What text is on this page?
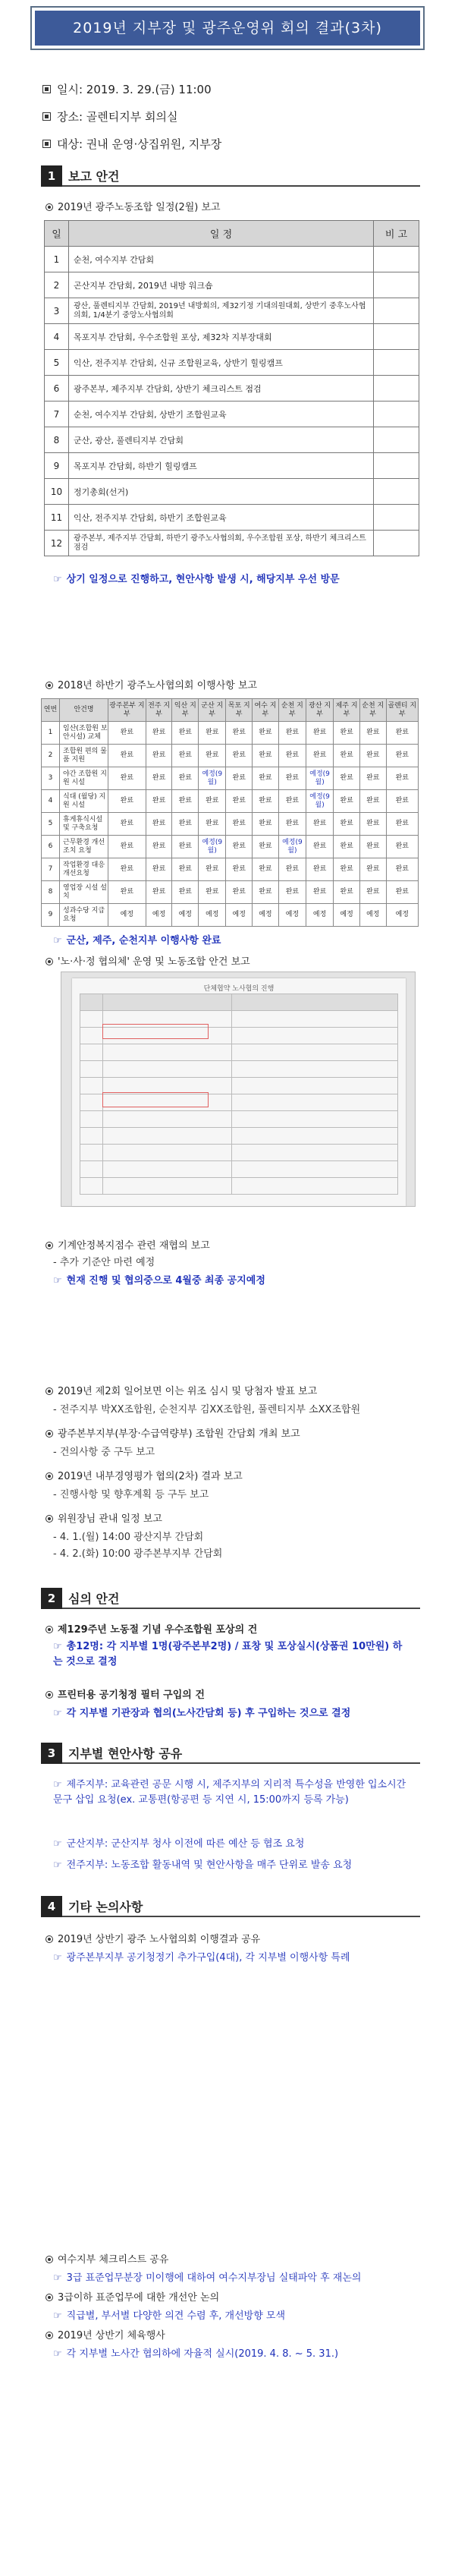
2019년 지부장 및 광주운영위 회의 결과(3차)
일시: 2019. 3. 29.(금) 11:00
장소: 골렌티지부 회의실
대상: 권내 운영·상집위원, 지부장
1	보고 안건
2019년 광주노동조합 일정(2월) 보고
일	일 정	비 고
1	순천, 여수지부 간담회	
2	곤산지부 간담회, 2019년 내방 워크숍	
3	광산, 풀렌티지부 간담회, 2019년 내방회의, 제32기정 기대의원대회, 상반기 중후노사협의회, 1/4분기 중앙노사협의회	
4	목포지부 간담회, 우수조합원 포상, 제32차 지부장대회	
5	익산, 전주지부 간담회, 신규 조합원교육, 상반기 힐링캠프	
6	광주본부, 제주지부 간담회, 상반기 체크리스트 점검	
7	순천, 여수지부 간담회, 상반기 조합원교육	
8	군산, 광산, 풀렌티지부 간담회	
9	목포지부 간담회, 하반기 힐링캠프	
10	정기총회(선거)	
11	익산, 전주지부 간담회, 하반기 조합원교육	
12	광주본부, 제주지부 간담회, 하반기 광주노사협의회, 우수조합원 포상, 하반기 체크리스트 점검	
☞ 상기 일정으로 진행하고, 현안사항 발생 시, 해당지부 우선 방문
2018년 하반기 광주노사협의회 이행사항 보고
연번	안건명	광주본부 지부	전주 지부	익산 지부	군산 지부	목포 지부	여수 지부	순천 지부	광산 지부	제주 지부	순천 지부	골렌티 지부
1	임산(조합원 보안시설) 교체	완료	완료	완료	완료	완료	완료	완료	완료	완료	완료	완료
2	조합원 편의 물품 지원	완료	완료	완료	완료	완료	완료	완료	완료	완료	완료	완료
3	야간 조합원 지원 시설	완료	완료	완료	예정(9월)	완료	완료	완료	예정(9월)	완료	완료	완료
4	식대 (월당) 지원 시설	완료	완료	완료	완료	완료	완료	완료	예정(9월)	완료	완료	완료
5	휴게휴식시설 및 구축요청	완료	완료	완료	완료	완료	완료	완료	완료	완료	완료	완료
6	근무환경 개선조치 요청	완료	완료	완료	예정(9월)	완료	완료	예정(9월)	완료	완료	완료	완료
7	작업환경 대응 개선요청	완료	완료	완료	완료	완료	완료	완료	완료	완료	완료	완료
8	영업장 시설 설치	완료	완료	완료	완료	완료	완료	완료	완료	완료	완료	완료
9	성과수당 지급 요청	예정	예정	예정	예정	예정	예정	예정	예정	예정	예정	예정
☞ 군산, 제주, 순천지부 이행사항 완료
'노·사·정 협의체' 운영 및 노동조합 안건 보고
단체협약 노사협의 진행

기계안정복지점수 관련 재협의 보고
- 추가 기준안 마련 예정
☞ 현재 진행 및 협의중으로 4월중 최종 공지예정
2019년 제2회 일어보면 이는 위조 심시 및 당첨자 발표 보고
- 전주지부 박XX조합원, 순천지부 김XX조합원, 풀렌티지부 소XX조합원
광주본부지부(부장·수급역량부) 조합원 간담회 개최 보고
- 건의사항 중 구두 보고
2019년 내부경영평가 협의(2차) 결과 보고
- 진행사항 및 향후계획 등 구두 보고
위원장님 관내 일정 보고
- 4. 1.(월) 14:00 광산지부 간담회
- 4. 2.(화) 10:00 광주본부지부 간담회
2	심의 안건
제129주년 노동절 기념 우수조합원 포상의 건
☞ 총12명: 각 지부별 1명(광주본부2명) / 표창 및 포상실시(상품권 10만원) 하는 것으로 결정
프린터용 공기청정 필터 구입의 건
☞ 각 지부별 기관장과 협의(노사간담회 등) 후 구입하는 것으로 결정
3	지부별 현안사항 공유
☞ 제주지부: 교육관련 공문 시행 시, 제주지부의 지리적 특수성을 반영한 입소시간 문구 삽입 요청(ex. 교통편(항공편 등 지연 시, 15:00까지 등록 가능)
☞ 군산지부: 군산지부 청사 이전에 따른 예산 등 협조 요청
☞ 전주지부: 노동조합 활동내역 및 현안사항을 매주 단위로 발송 요청
4	기타 논의사항
2019년 상반기 광주 노사협의회 이행결과 공유
☞ 광주본부지부 공기청정기 추가구입(4대), 각 지부별 이행사항 특례
여수지부 체크리스트 공유
☞ 3급 표준업무분장 미이행에 대하여 여수지부장님 실태파악 후 재논의
3급이하 표준업무에 대한 개선안 논의
☞ 직급별, 부서별 다양한 의견 수렴 후, 개선방향 모색
2019년 상반기 체육행사
☞ 각 지부별 노사간 협의하에 자율적 실시(2019. 4. 8. ~ 5. 31.)
